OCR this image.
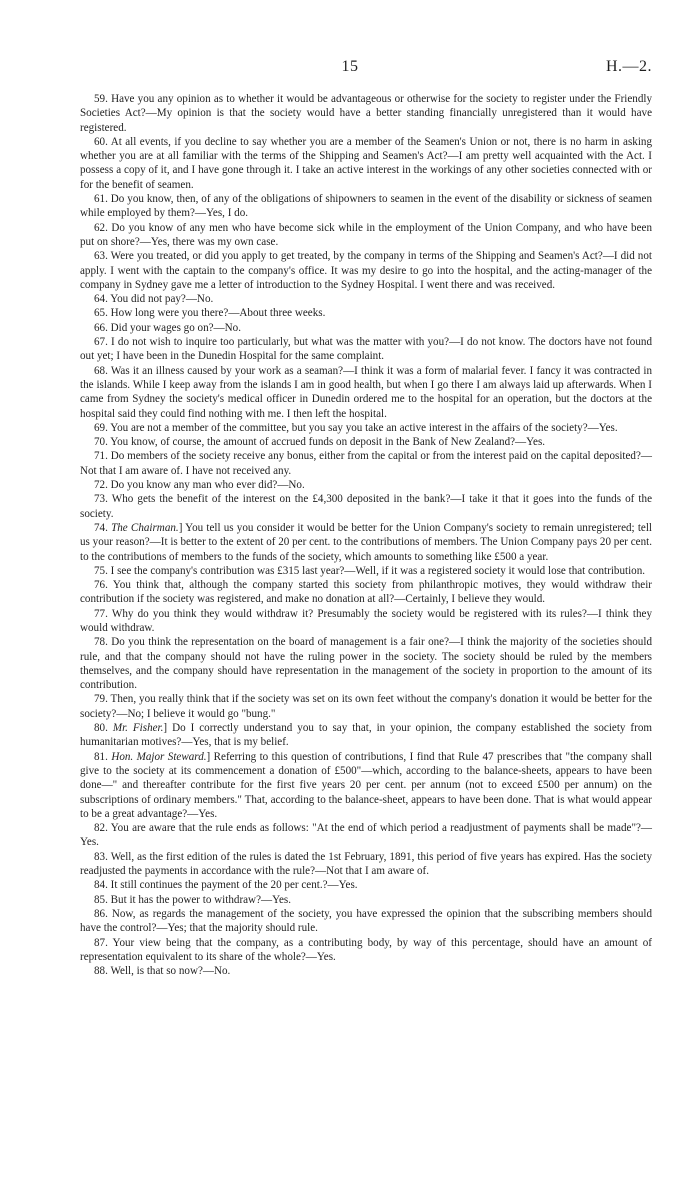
15	H.—2.

59. Have you any opinion as to whether it would be advantageous or otherwise for the society to register under the Friendly Societies Act?—My opinion is that the society would have a better standing financially unregistered than it would have registered.

60. At all events, if you decline to say whether you are a member of the Seamen's Union or not, there is no harm in asking whether you are at all familiar with the terms of the Shipping and Seamen's Act?—I am pretty well acquainted with the Act. I possess a copy of it, and I have gone through it. I take an active interest in the workings of any other societies connected with or for the benefit of seamen.

61. Do you know, then, of any of the obligations of shipowners to seamen in the event of the disability or sickness of seamen while employed by them?—Yes, I do.

62. Do you know of any men who have become sick while in the employment of the Union Company, and who have been put on shore?—Yes, there was my own case.

63. Were you treated, or did you apply to get treated, by the company in terms of the Shipping and Seamen's Act?—I did not apply. I went with the captain to the company's office. It was my desire to go into the hospital, and the acting-manager of the company in Sydney gave me a letter of introduction to the Sydney Hospital. I went there and was received.

64. You did not pay?—No.

65. How long were you there?—About three weeks.

66. Did your wages go on?—No.

67. I do not wish to inquire too particularly, but what was the matter with you?—I do not know. The doctors have not found out yet; I have been in the Dunedin Hospital for the same complaint.

68. Was it an illness caused by your work as a seaman?—I think it was a form of malarial fever. I fancy it was contracted in the islands. While I keep away from the islands I am in good health, but when I go there I am always laid up afterwards. When I came from Sydney the society's medical officer in Dunedin ordered me to the hospital for an operation, but the doctors at the hospital said they could find nothing with me. I then left the hospital.

69. You are not a member of the committee, but you say you take an active interest in the affairs of the society?—Yes.

70. You know, of course, the amount of accrued funds on deposit in the Bank of New Zealand?—Yes.

71. Do members of the society receive any bonus, either from the capital or from the interest paid on the capital deposited?—Not that I am aware of. I have not received any.

72. Do you know any man who ever did?—No.

73. Who gets the benefit of the interest on the £4,300 deposited in the bank?—I take it that it goes into the funds of the society.

74. The Chairman.] You tell us you consider it would be better for the Union Company's society to remain unregistered; tell us your reason?—It is better to the extent of 20 per cent. to the contributions of members. The Union Company pays 20 per cent. to the contributions of members to the funds of the society, which amounts to something like £500 a year.

75. I see the company's contribution was £315 last year?—Well, if it was a registered society it would lose that contribution.

76. You think that, although the company started this society from philanthropic motives, they would withdraw their contribution if the society was registered, and make no donation at all?—Certainly, I believe they would.

77. Why do you think they would withdraw it? Presumably the society would be registered with its rules?—I think they would withdraw.

78. Do you think the representation on the board of management is a fair one?—I think the majority of the societies should rule, and that the company should not have the ruling power in the society. The society should be ruled by the members themselves, and the company should have representation in the management of the society in proportion to the amount of its contribution.

79. Then, you really think that if the society was set on its own feet without the company's donation it would be better for the society?—No; I believe it would go "bung."

80. Mr. Fisher.] Do I correctly understand you to say that, in your opinion, the company established the society from humanitarian motives?—Yes, that is my belief.

81. Hon. Major Steward.] Referring to this question of contributions, I find that Rule 47 prescribes that "the company shall give to the society at its commencement a donation of £500"—which, according to the balance-sheets, appears to have been done—" and thereafter contribute for the first five years 20 per cent. per annum (not to exceed £500 per annum) on the subscriptions of ordinary members." That, according to the balance-sheet, appears to have been done. That is what would appear to be a great advantage?—Yes.

82. You are aware that the rule ends as follows: "At the end of which period a readjustment of payments shall be made"?—Yes.

83. Well, as the first edition of the rules is dated the 1st February, 1891, this period of five years has expired. Has the society readjusted the payments in accordance with the rule?—Not that I am aware of.

84. It still continues the payment of the 20 per cent.?—Yes.

85. But it has the power to withdraw?—Yes.

86. Now, as regards the management of the society, you have expressed the opinion that the subscribing members should have the control?—Yes; that the majority should rule.

87. Your view being that the company, as a contributing body, by way of this percentage, should have an amount of representation equivalent to its share of the whole?—Yes.

88. Well, is that so now?—No.
